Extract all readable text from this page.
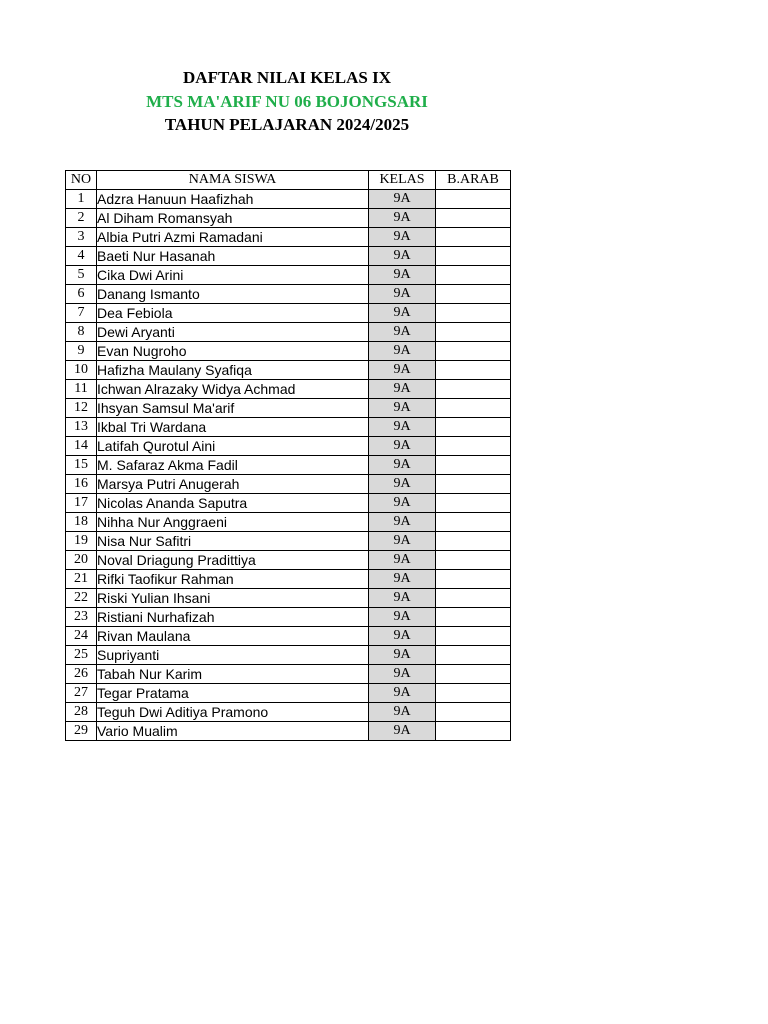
DAFTAR NILAI KELAS IX
MTS MA'ARIF NU 06 BOJONGSARI
TAHUN PELAJARAN 2024/2025
NO	NAMA SISWA	KELAS	B.ARAB
1	Adzra Hanuun Haafizhah	9A	
2	Al Diham Romansyah	9A	
3	Albia Putri Azmi Ramadani	9A	
4	Baeti Nur Hasanah	9A	
5	Cika Dwi Arini	9A	
6	Danang Ismanto	9A	
7	Dea Febiola	9A	
8	Dewi Aryanti	9A	
9	Evan Nugroho	9A	
10	Hafizha Maulany Syafiqa	9A	
11	Ichwan Alrazaky Widya Achmad	9A	
12	Ihsyan Samsul Ma'arif	9A	
13	Ikbal Tri Wardana	9A	
14	Latifah Qurotul Aini	9A	
15	M. Safaraz Akma Fadil	9A	
16	Marsya Putri Anugerah	9A	
17	Nicolas Ananda Saputra	9A	
18	Nihha Nur Anggraeni	9A	
19	Nisa Nur Safitri	9A	
20	Noval Driagung Pradittiya	9A	
21	Rifki Taofikur Rahman	9A	
22	Riski Yulian Ihsani	9A	
23	Ristiani Nurhafizah	9A	
24	Rivan Maulana	9A	
25	Supriyanti	9A	
26	Tabah Nur Karim	9A	
27	Tegar Pratama	9A	
28	Teguh Dwi Aditiya Pramono	9A	
29	Vario Mualim	9A	
